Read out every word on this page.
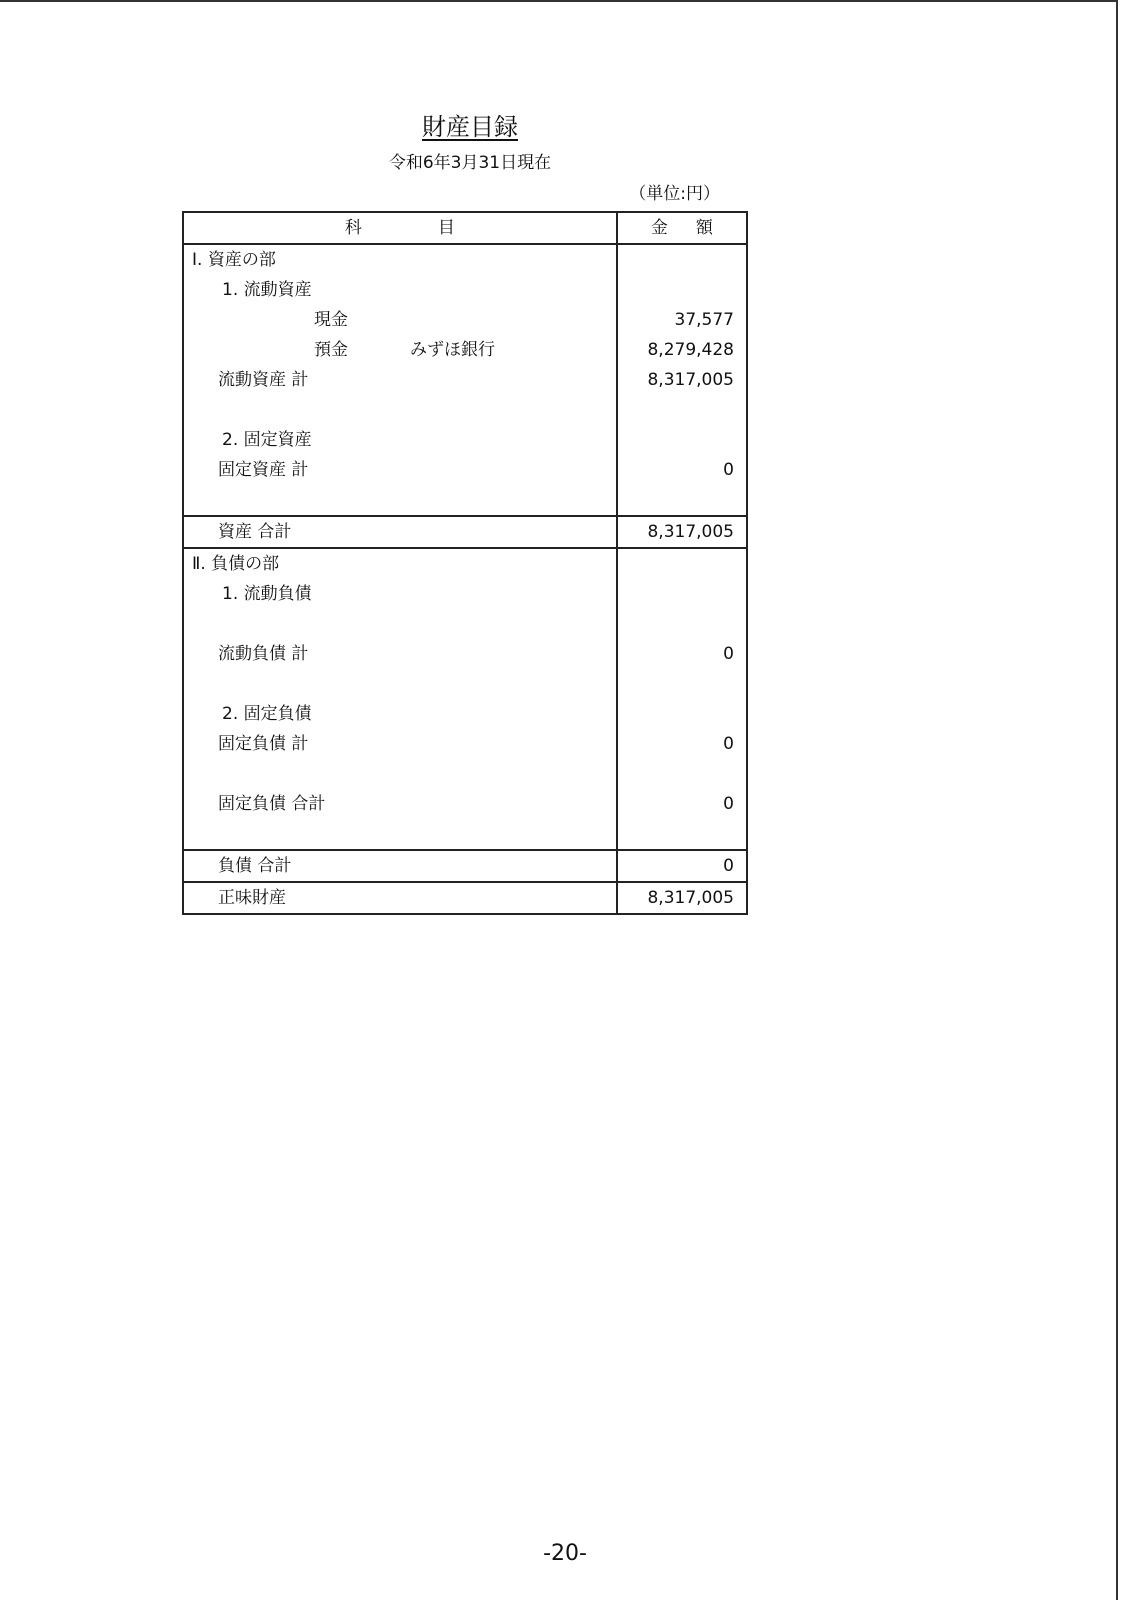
財産目録
令和6年3月31日現在
（単位:円）
科 目	金 額
Ⅰ. 資産の部	
1. 流動資産	
現金	37,577
預金 みずほ銀行	8,279,428
流動資産 計	8,317,005

2. 固定資産	
固定資産 計	0

資産 合計	8,317,005
Ⅱ. 負債の部	
1. 流動負債	

流動負債 計	0

2. 固定負債	
固定負債 計	0

固定負債 合計	0

負債 合計	0
正味財産	8,317,005
-20-
